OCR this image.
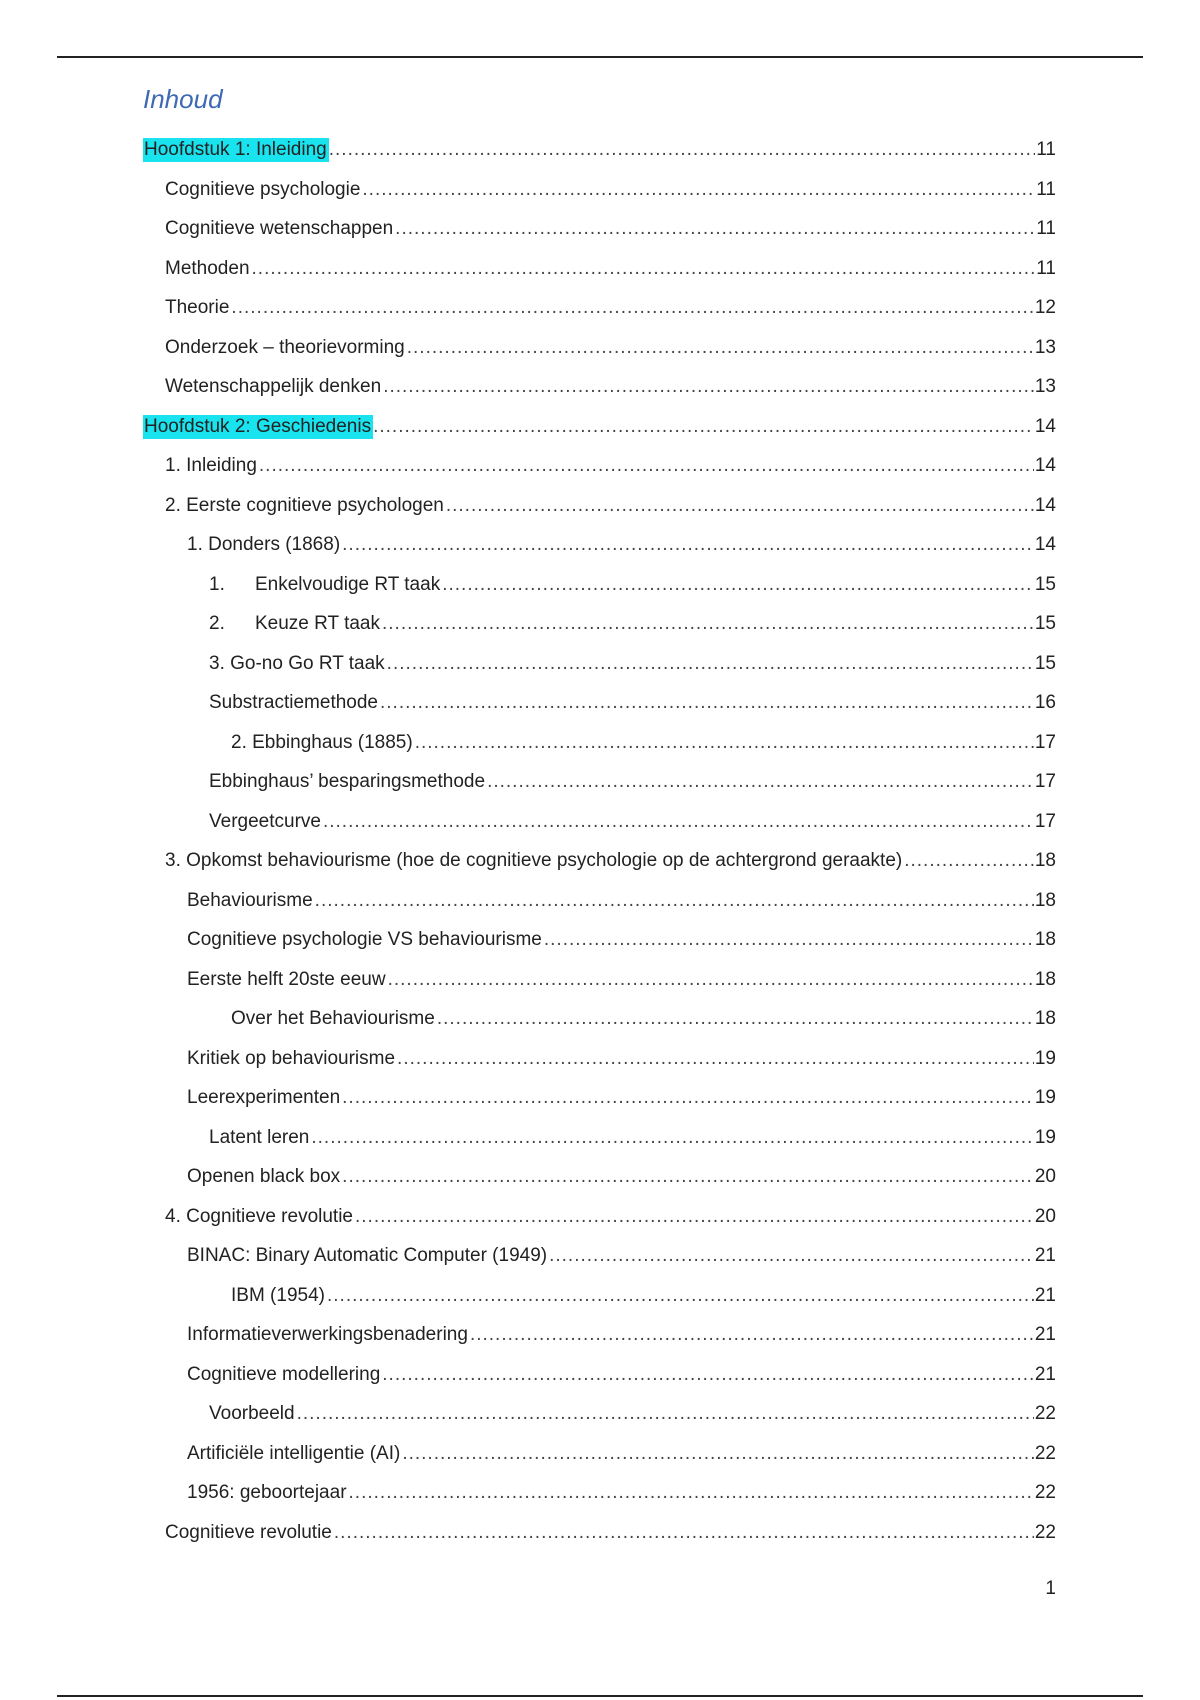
Inhoud
Hoofdstuk 1: Inleiding .....	11
Cognitieve psychologie .....	11
Cognitieve wetenschappen .....	11
Methoden .....	11
Theorie .....	12
Onderzoek – theorievorming .....	13
Wetenschappelijk denken .....	13
Hoofdstuk 2: Geschiedenis .....	14
1. Inleiding .....	14
2. Eerste cognitieve psychologen .....	14
1. Donders (1868) .....	14
1. Enkelvoudige RT taak .....	15
2. Keuze RT taak .....	15
3. Go-no Go RT taak .....	15
Substractiemethode .....	16
2. Ebbinghaus (1885) .....	17
Ebbinghaus’ besparingsmethode .....	17
Vergeetcurve .....	17
3. Opkomst behaviourisme (hoe de cognitieve psychologie op de achtergrond geraakte) .....	18
Behaviourisme .....	18
Cognitieve psychologie VS behaviourisme .....	18
Eerste helft 20ste eeuw .....	18
Over het Behaviourisme .....	18
Kritiek op behaviourisme .....	19
Leerexperimenten .....	19
Latent leren .....	19
Openen black box .....	20
4. Cognitieve revolutie .....	20
BINAC: Binary Automatic Computer (1949) .....	21
IBM (1954) .....	21
Informatieverwerkingsbenadering .....	21
Cognitieve modellering .....	21
Voorbeeld .....	22
Artificiële intelligentie (AI) .....	22
1956: geboortejaar .....	22
Cognitieve revolutie .....	22
1
